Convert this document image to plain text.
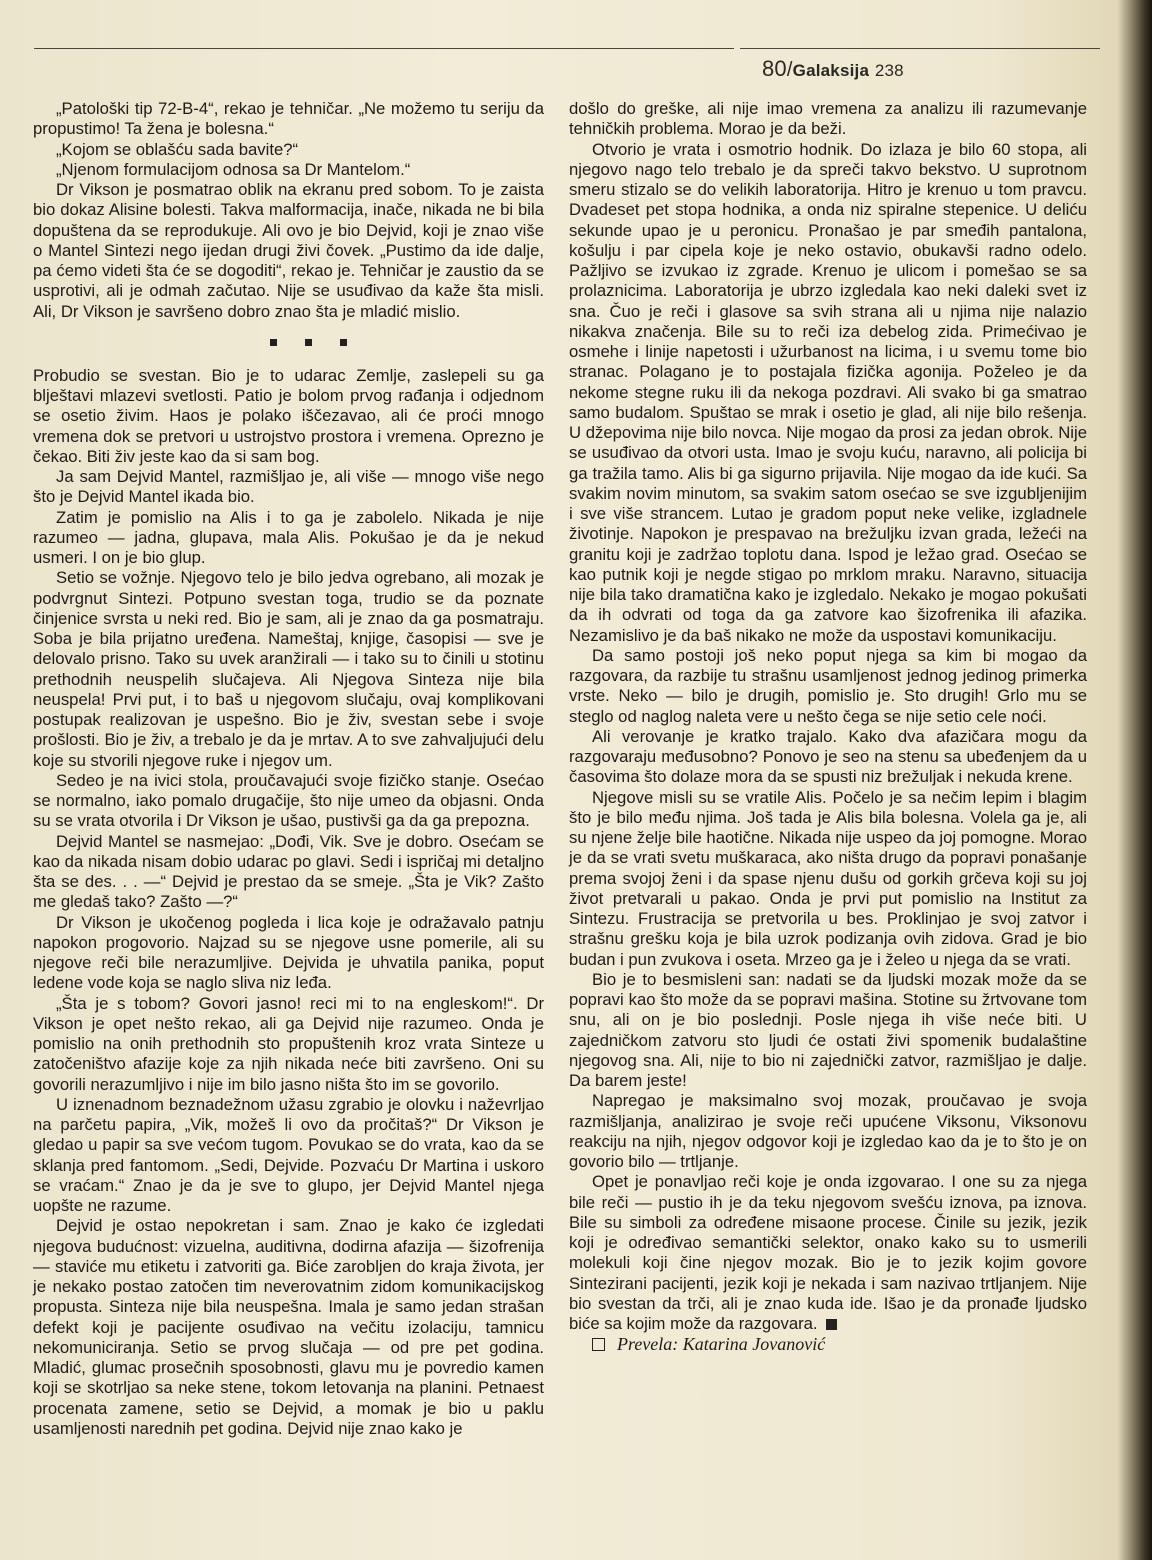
80/Galaksija 238

„Patološki tip 72-B-4“, rekao je tehničar. „Ne možemo tu seriju da propustimo! Ta žena je bolesna.“

„Kojom se oblašću sada bavite?“

„Njenom formulacijom odnosa sa Dr Mantelom.“

Dr Vikson je posmatrao oblik na ekranu pred sobom. To je zaista bio dokaz Alisine bolesti. Takva malformacija, inače, nikada ne bi bila dopuštena da se reprodukuje. Ali ovo je bio Dejvid, koji je znao više o Mantel Sintezi nego ijedan drugi živi čovek. „Pustimo da ide dalje, pa ćemo videti šta će se dogoditi“, rekao je. Tehničar je zaustio da se usprotivi, ali je odmah začutao. Nije se usuđivao da kaže šta misli. Ali, Dr Vikson je savršeno dobro znao šta je mladić mislio.

Probudio se svestan. Bio je to udarac Zemlje, zaslepeli su ga blještavi mlazevi svetlosti. Patio je bolom prvog rađanja i odjednom se osetio živim. Haos je polako iščezavao, ali će proći mnogo vremena dok se pretvori u ustrojstvo prostora i vremena. Oprezno je čekao. Biti živ jeste kao da si sam bog.

Ja sam Dejvid Mantel, razmišljao je, ali više — mnogo više nego što je Dejvid Mantel ikada bio.

Zatim je pomislio na Alis i to ga je zabolelo. Nikada je nije razumeo — jadna, glupava, mala Alis. Pokušao je da je nekud usmeri. I on je bio glup.

Setio se vožnje. Njegovo telo je bilo jedva ogrebano, ali mozak je podvrgnut Sintezi. Potpuno svestan toga, trudio se da poznate činjenice svrsta u neki red. Bio je sam, ali je znao da ga posmatraju. Soba je bila prijatno uređena. Nameštaj, knjige, časopisi — sve je delovalo prisno. Tako su uvek aranžirali — i tako su to činili u stotinu prethodnih neuspelih slučajeva. Ali Njegova Sinteza nije bila neuspela! Prvi put, i to baš u njegovom slučaju, ovaj komplikovani postupak realizovan je uspešno. Bio je živ, svestan sebe i svoje prošlosti. Bio je živ, a trebalo je da je mrtav. A to sve zahvaljujući delu koje su stvorili njegove ruke i njegov um.

Sedeo je na ivici stola, proučavajući svoje fizičko stanje. Osećao se normalno, iako pomalo drugačije, što nije umeo da objasni. Onda su se vrata otvorila i Dr Vikson je ušao, pustivši ga da ga prepozna.

Dejvid Mantel se nasmejao: „Dođi, Vik. Sve je dobro. Osećam se kao da nikada nisam dobio udarac po glavi. Sedi i ispričaj mi detaljno šta se des. . . —“ Dejvid je prestao da se smeje. „Šta je Vik? Zašto me gledaš tako? Zašto —?“

Dr Vikson je ukočenog pogleda i lica koje je odražavalo patnju napokon progovorio. Najzad su se njegove usne pomerile, ali su njegove reči bile nerazumljive. Dejvida je uhvatila panika, poput ledene vode koja se naglo sliva niz leđa.

„Šta je s tobom? Govori jasno! reci mi to na engleskom!“. Dr Vikson je opet nešto rekao, ali ga Dejvid nije razumeo. Onda je pomislio na onih prethodnih sto propuštenih kroz vrata Sinteze u zatočeništvo afazije koje za njih nikada neće biti završeno. Oni su govorili nerazumljivo i nije im bilo jasno ništa što im se govorilo.

U iznenadnom beznadežnom užasu zgrabio je olovku i naževrljao na parčetu papira, „Vik, možeš li ovo da pročitaš?“ Dr Vikson je gledao u papir sa sve većom tugom. Povukao se do vrata, kao da se sklanja pred fantomom. „Sedi, Dejvide. Pozvaću Dr Martina i uskoro se vraćam.“ Znao je da je sve to glupo, jer Dejvid Mantel njega uopšte ne razume.

Dejvid je ostao nepokretan i sam. Znao je kako će izgledati njegova budućnost: vizuelna, auditivna, dodirna afazija — šizofrenija — staviće mu etiketu i zatvoriti ga. Biće zarobljen do kraja života, jer je nekako postao zatočen tim neverovatnim zidom komunikacijskog propusta. Sinteza nije bila neuspešna. Imala je samo jedan strašan defekt koji je pacijente osuđivao na večitu izolaciju, tamnicu nekomuniciranja. Setio se prvog slučaja — od pre pet godina. Mladić, glumac prosečnih sposobnosti, glavu mu je povredio kamen koji se skotrljao sa neke stene, tokom letovanja na planini. Petnaest procenata zamene, setio se Dejvid, a momak je bio u paklu usamljenosti narednih pet godina. Dejvid nije znao kako je

došlo do greške, ali nije imao vremena za analizu ili razumevanje tehničkih problema. Morao je da beži.

Otvorio je vrata i osmotrio hodnik. Do izlaza je bilo 60 stopa, ali njegovo nago telo trebalo je da spreči takvo bekstvo. U suprotnom smeru stizalo se do velikih laboratorija. Hitro je krenuo u tom pravcu. Dvadeset pet stopa hodnika, a onda niz spiralne stepenice. U deliću sekunde upao je u peronicu. Pronašao je par smeđih pantalona, košulju i par cipela koje je neko ostavio, obukavši radno odelo. Pažljivo se izvukao iz zgrade. Krenuo je ulicom i pomešao se sa prolaznicima. Laboratorija je ubrzo izgledala kao neki daleki svet iz sna. Čuo je reči i glasove sa svih strana ali u njima nije nalazio nikakva značenja. Bile su to reči iza debelog zida. Primećivao je osmehe i linije napetosti i užurbanost na licima, i u svemu tome bio stranac. Polagano je to postajala fizička agonija. Poželeo je da nekome stegne ruku ili da nekoga pozdravi. Ali svako bi ga smatrao samo budalom. Spuštao se mrak i osetio je glad, ali nije bilo rešenja. U džepovima nije bilo novca. Nije mogao da prosi za jedan obrok. Nije se usuđivao da otvori usta. Imao je svoju kuću, naravno, ali policija bi ga tražila tamo. Alis bi ga sigurno prijavila. Nije mogao da ide kući. Sa svakim novim minutom, sa svakim satom osećao se sve izgubljenijim i sve više strancem. Lutao je gradom poput neke velike, izgladnele životinje. Napokon je prespavao na brežuljku izvan grada, ležeći na granitu koji je zadržao toplotu dana. Ispod je ležao grad. Osećao se kao putnik koji je negde stigao po mrklom mraku. Naravno, situacija nije bila tako dramatična kako je izgledalo. Nekako je mogao pokušati da ih odvrati od toga da ga zatvore kao šizofrenika ili afazika. Nezamislivo je da baš nikako ne može da uspostavi komunikaciju.

Da samo postoji još neko poput njega sa kim bi mogao da razgovara, da razbije tu strašnu usamljenost jednog jedinog primerka vrste. Neko — bilo je drugih, pomislio je. Sto drugih! Grlo mu se steglo od naglog naleta vere u nešto čega se nije setio cele noći.

Ali verovanje je kratko trajalo. Kako dva afazičara mogu da razgovaraju međusobno? Ponovo je seo na stenu sa ubeđenjem da u časovima što dolaze mora da se spusti niz brežuljak i nekuda krene.

Njegove misli su se vratile Alis. Počelo je sa nečim lepim i blagim što je bilo među njima. Još tada je Alis bila bolesna. Volela ga je, ali su njene želje bile haotične. Nikada nije uspeo da joj pomogne. Morao je da se vrati svetu muškaraca, ako ništa drugo da popravi ponašanje prema svojoj ženi i da spase njenu dušu od gorkih grčeva koji su joj život pretvarali u pakao. Onda je prvi put pomislio na Institut za Sintezu. Frustracija se pretvorila u bes. Proklinjao je svoj zatvor i strašnu grešku koja je bila uzrok podizanja ovih zidova. Grad je bio budan i pun zvukova i oseta. Mrzeo ga je i želeo u njega da se vrati.

Bio je to besmisleni san: nadati se da ljudski mozak može da se popravi kao što može da se popravi mašina. Stotine su žrtvovane tom snu, ali on je bio poslednji. Posle njega ih više neće biti. U zajedničkom zatvoru sto ljudi će ostati živi spomenik budalaštine njegovog sna. Ali, nije to bio ni zajednički zatvor, razmišljao je dalje. Da barem jeste!

Napregao je maksimalno svoj mozak, proučavao je svoja razmišljanja, analizirao je svoje reči upućene Viksonu, Viksonovu reakciju na njih, njegov odgovor koji je izgledao kao da je to što je on govorio bilo — trtljanje.

Opet je ponavljao reči koje je onda izgovarao. I one su za njega bile reči — pustio ih je da teku njegovom svešću iznova, pa iznova. Bile su simboli za određene misaone procese. Činile su jezik, jezik koji je određivao semantički selektor, onako kako su to usmerili molekuli koji čine njegov mozak. Bio je to jezik kojim govore Sintezirani pacijenti, jezik koji je nekada i sam nazivao trtljanjem. Nije bio svestan da trči, ali je znao kuda ide. Išao je da pronađe ljudsko biće sa kojim može da razgovara.

Prevela: Katarina Jovanović
